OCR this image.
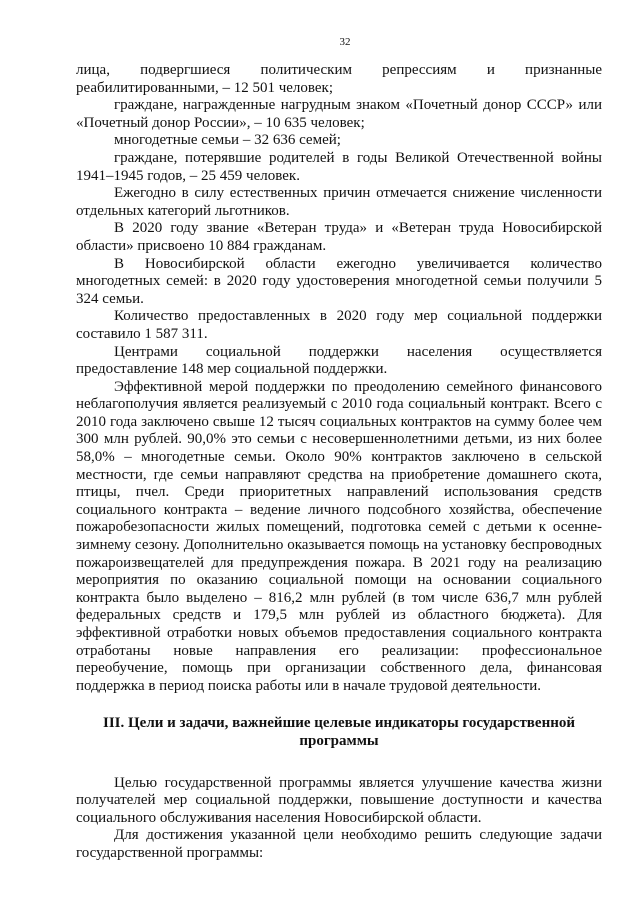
32

лица, подвергшиеся политическим репрессиям и признанные реабилитированными, – 12 501 человек;

граждане, награжденные нагрудным знаком «Почетный донор СССР» или «Почетный донор России», – 10 635 человек;

многодетные семьи – 32 636 семей;

граждане, потерявшие родителей в годы Великой Отечественной войны 1941–1945 годов, – 25 459 человек.

Ежегодно в силу естественных причин отмечается снижение численности отдельных категорий льготников.

В 2020 году звание «Ветеран труда» и «Ветеран труда Новосибирской области» присвоено 10 884 гражданам.

В Новосибирской области ежегодно увеличивается количество многодетных семей: в 2020 году удостоверения многодетной семьи получили 5 324 семьи.

Количество предоставленных в 2020 году мер социальной поддержки составило 1 587 311.

Центрами социальной поддержки населения осуществляется предоставление 148 мер социальной поддержки.

Эффективной мерой поддержки по преодолению семейного финансового неблагополучия является реализуемый с 2010 года социальный контракт. Всего с 2010 года заключено свыше 12 тысяч социальных контрактов на сумму более чем 300 млн рублей. 90,0% это семьи с несовершеннолетними детьми, из них более 58,0% – многодетные семьи. Около 90% контрактов заключено в сельской местности, где семьи направляют средства на приобретение домашнего скота, птицы, пчел. Среди приоритетных направлений использования средств социального контракта – ведение личного подсобного хозяйства, обеспечение пожаробезопасности жилых помещений, подготовка семей с детьми к осенне-зимнему сезону. Дополнительно оказывается помощь на установку беспроводных пожароизвещателей для предупреждения пожара. В 2021 году на реализацию мероприятия по оказанию социальной помощи на основании социального контракта было выделено – 816,2 млн рублей (в том числе 636,7 млн рублей федеральных средств и 179,5 млн рублей из областного бюджета). Для эффективной отработки новых объемов предоставления социального контракта отработаны новые направления его реализации: профессиональное переобучение, помощь при организации собственного дела, финансовая поддержка в период поиска работы или в начале трудовой деятельности.

III. Цели и задачи, важнейшие целевые индикаторы государственной программы

Целью государственной программы является улучшение качества жизни получателей мер социальной поддержки, повышение доступности и качества социального обслуживания населения Новосибирской области.

Для достижения указанной цели необходимо решить следующие задачи государственной программы:
